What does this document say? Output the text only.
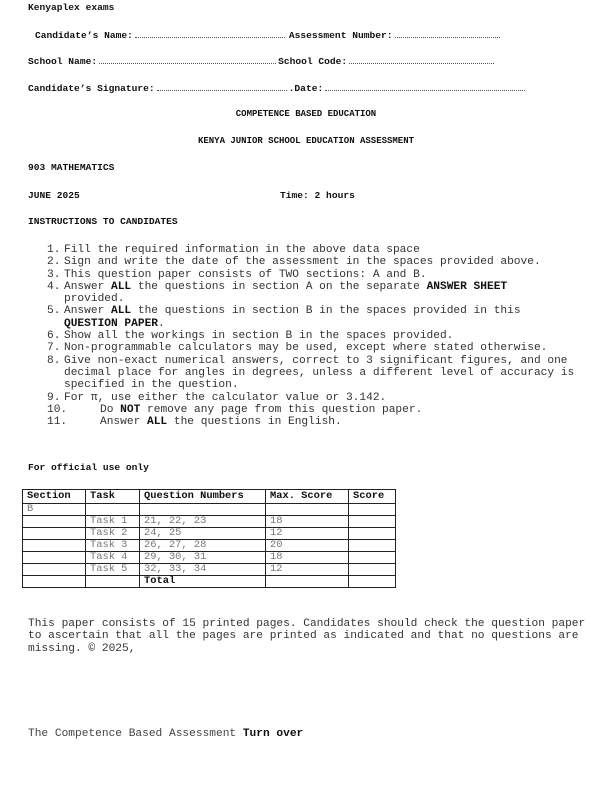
Kenyaplex exams
Candidate’s Name:	Assessment Number:
School Name:	School Code:
Candidate’s Signature:	.Date:
COMPETENCE BASED EDUCATION
KENYA JUNIOR SCHOOL EDUCATION ASSESSMENT
903 MATHEMATICS
JUNE 2025	Time: 2 hours
INSTRUCTIONS TO CANDIDATES
1. Fill the required information in the above data space
2. Sign and write the date of the assessment in the spaces provided above.
3. This question paper consists of TWO sections: A and B.
4. Answer ALL the questions in section A on the separate ANSWER SHEET provided.
5. Answer ALL the questions in section B in the spaces provided in this QUESTION PAPER.
6. Show all the workings in section B in the spaces provided.
7. Non-programmable calculators may be used, except where stated otherwise.
8. Give non-exact numerical answers, correct to 3 significant figures, and one decimal place for angles in degrees, unless a different level of accuracy is specified in the question.
9. For π, use either the calculator value or 3.142.
10.	Do NOT remove any page from this question paper.
11.	Answer ALL the questions in English.
For official use only
Section	Task	Question Numbers	Max. Score	Score
B				
	Task 1	21, 22, 23	18	
	Task 2	24, 25	12	
	Task 3	26, 27, 28	20	
	Task 4	29, 30, 31	18	
	Task 5	32, 33, 34	12	
		Total		
This paper consists of 15 printed pages. Candidates should check the question paper to ascertain that all the pages are printed as indicated and that no questions are missing. © 2025,
The Competence Based Assessment Turn over
